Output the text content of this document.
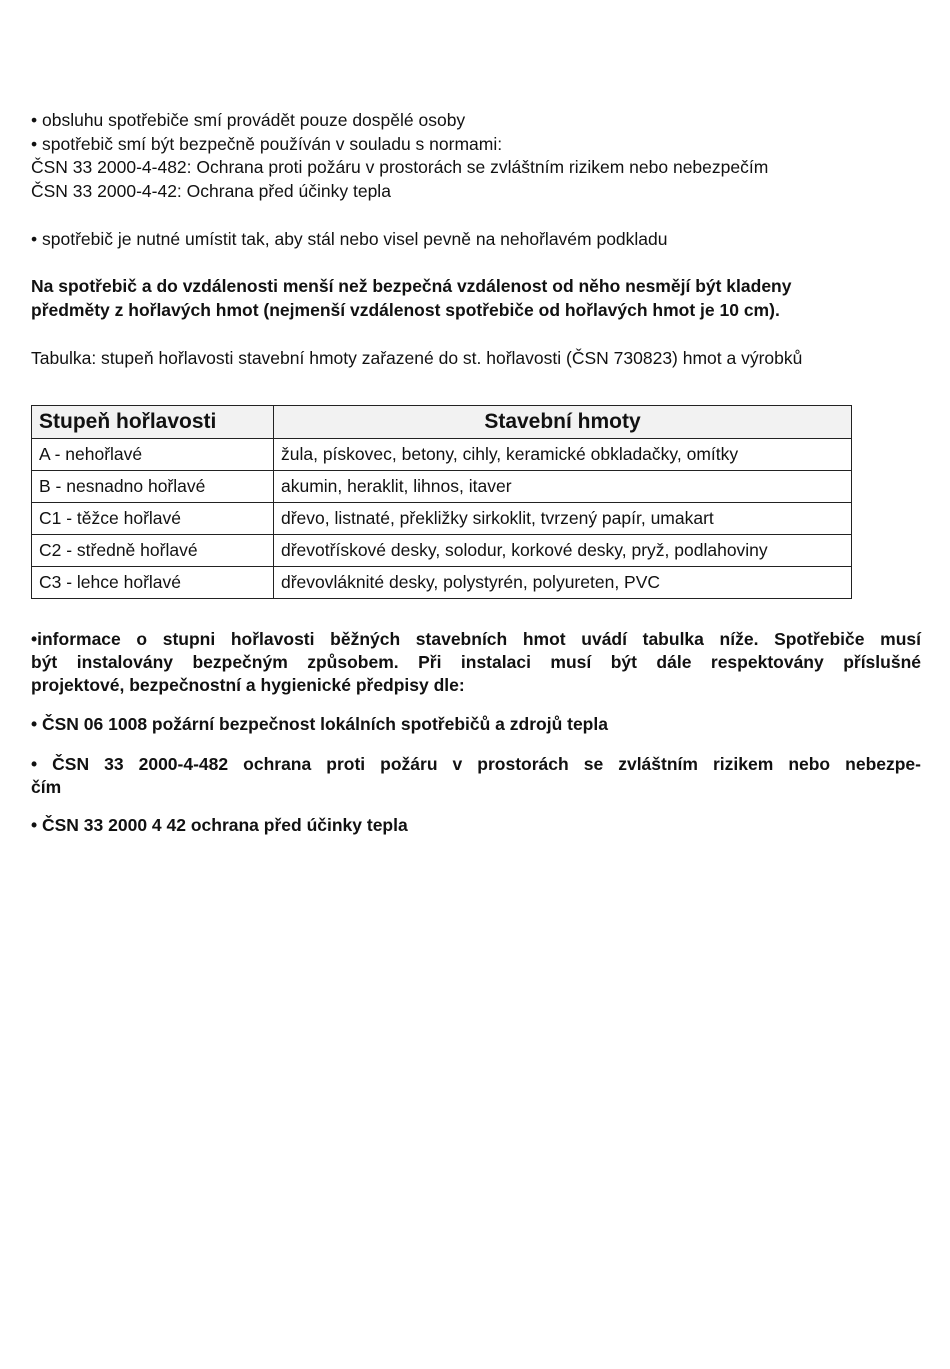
• obsluhu spotřebiče smí provádět pouze dospělé osoby
• spotřebič smí být bezpečně používán v souladu s normami:
ČSN 33 2000-4-482: Ochrana proti požáru v prostorách se zvláštním rizikem nebo nebezpečím
ČSN 33 2000-4-42: Ochrana před účinky tepla
• spotřebič je nutné umístit tak, aby stál nebo visel pevně na nehořlavém podkladu
Na spotřebič a do vzdálenosti menší než bezpečná vzdálenost od něho nesmějí být kladeny
předměty z hořlavých hmot (nejmenší vzdálenost spotřebiče od hořlavých hmot je 10 cm).
Tabulka: stupeň hořlavosti stavební hmoty zařazené do st. hořlavosti (ČSN 730823) hmot a výrobků
Stupeň hořlavosti	Stavební hmoty
A - nehořlavé	žula, pískovec, betony, cihly, keramické obkladačky, omítky
B - nesnadno hořlavé	akumin, heraklit, lihnos, itaver
C1 - těžce hořlavé	dřevo, listnaté, překližky sirkoklit, tvrzený papír, umakart
C2 - středně hořlavé	dřevotřískové desky, solodur, korkové desky, pryž, podlahoviny
C3 - lehce hořlavé	dřevovláknité desky, polystyrén, polyureten, PVC
•informace o stupni hořlavosti běžných stavebních hmot uvádí tabulka níže. Spotřebiče musí
být instalovány bezpečným způsobem. Při instalaci musí být dále respektovány příslušné
projektové, bezpečnostní a hygienické předpisy dle:
• ČSN 06 1008 požární bezpečnost lokálních spotřebičů a zdrojů tepla
• ČSN 33 2000-4-482 ochrana proti požáru v prostorách se zvláštním rizikem nebo nebezpe-
čím
• ČSN 33 2000 4 42 ochrana před účinky tepla
